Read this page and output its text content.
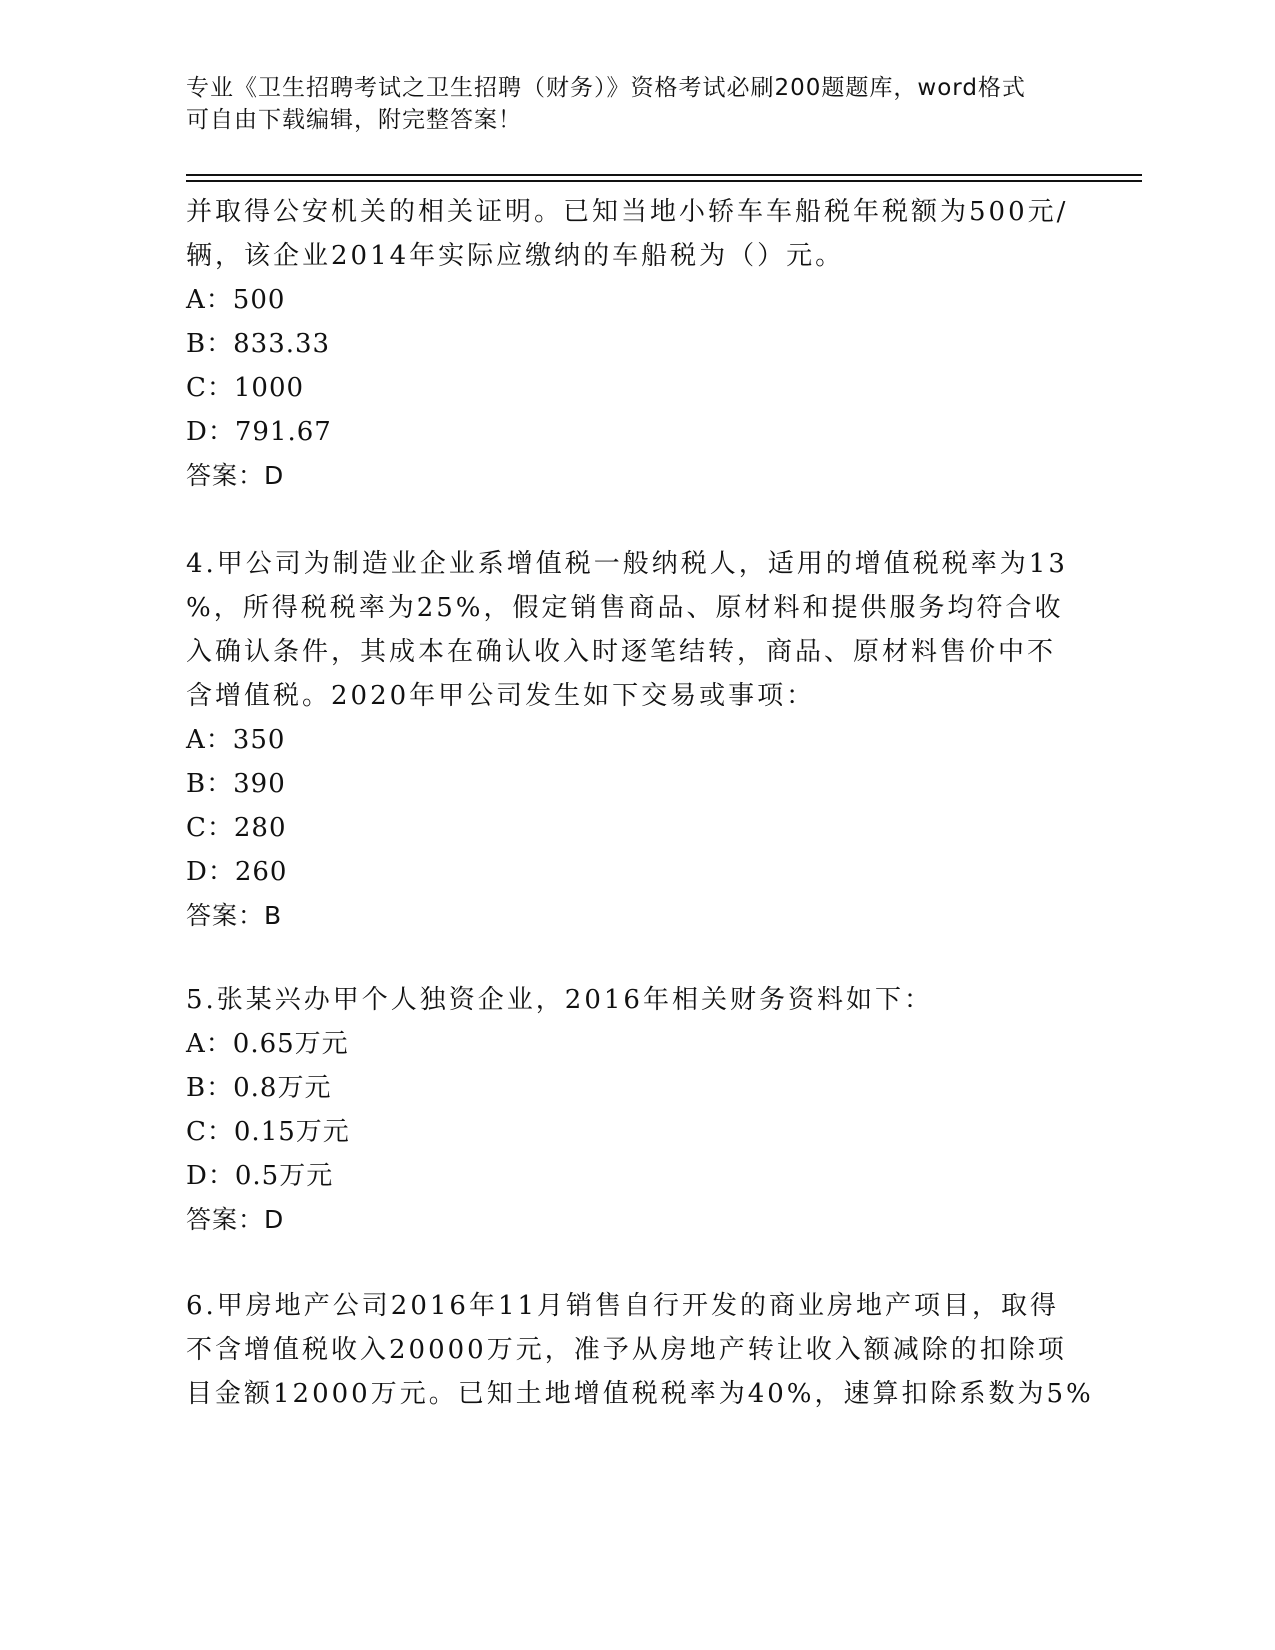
专业《卫生招聘考试之卫生招聘（财务）》资格考试必刷200题题库，word格式
可自由下载编辑，附完整答案！
并取得公安机关的相关证明。已知当地小轿车车船税年税额为500元/
辆，该企业2014年实际应缴纳的车船税为（）元。
A：500
B：833.33
C：1000
D：791.67
答案：D
4.甲公司为制造业企业系增值税一般纳税人，适用的增值税税率为13
%，所得税税率为25%，假定销售商品、原材料和提供服务均符合收
入确认条件，其成本在确认收入时逐笔结转，商品、原材料售价中不
含增值税。2020年甲公司发生如下交易或事项：
A：350
B：390
C：280
D：260
答案：B
5.张某兴办甲个人独资企业，2016年相关财务资料如下：
A：0.65万元
B：0.8万元
C：0.15万元
D：0.5万元
答案：D
6.甲房地产公司2016年11月销售自行开发的商业房地产项目，取得
不含增值税收入20000万元，准予从房地产转让收入额减除的扣除项
目金额12000万元。已知土地增值税税率为40%，速算扣除系数为5%
